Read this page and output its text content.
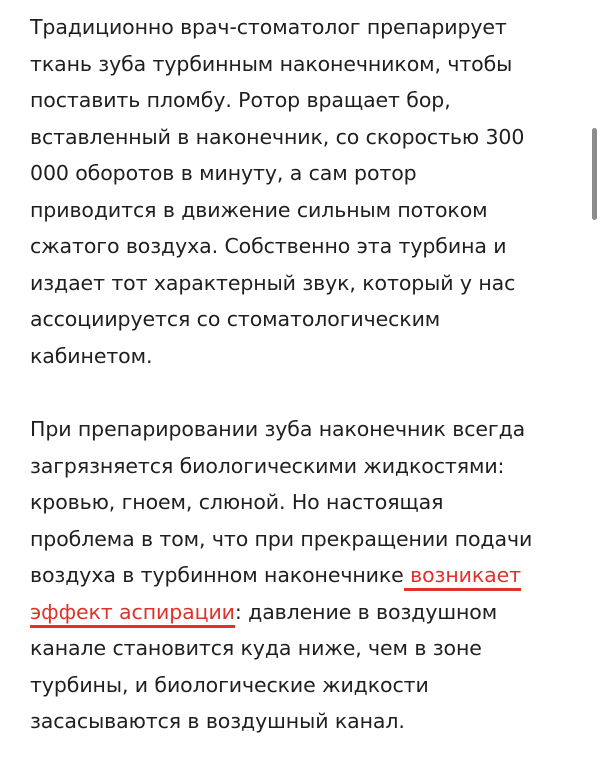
Традиционно врач-стоматолог препарирует
ткань зуба турбинным наконечником, чтобы
поставить пломбу. Ротор вращает бор,
вставленный в наконечник, со скоростью 300
000 оборотов в минуту, а сам ротор
приводится в движение сильным потоком
сжатого воздуха. Собственно эта турбина и
издает тот характерный звук, который у нас
ассоциируется со стоматологическим
кабинетом.

При препарировании зуба наконечник всегда
загрязняется биологическими жидкостями:
кровью, гноем, слюной. Но настоящая
проблема в том, что при прекращении подачи
воздуха в турбинном наконечнике возникает
эффект аспирации: давление в воздушном
канале становится куда ниже, чем в зоне
турбины, и биологические жидкости
засасываются в воздушный канал.
